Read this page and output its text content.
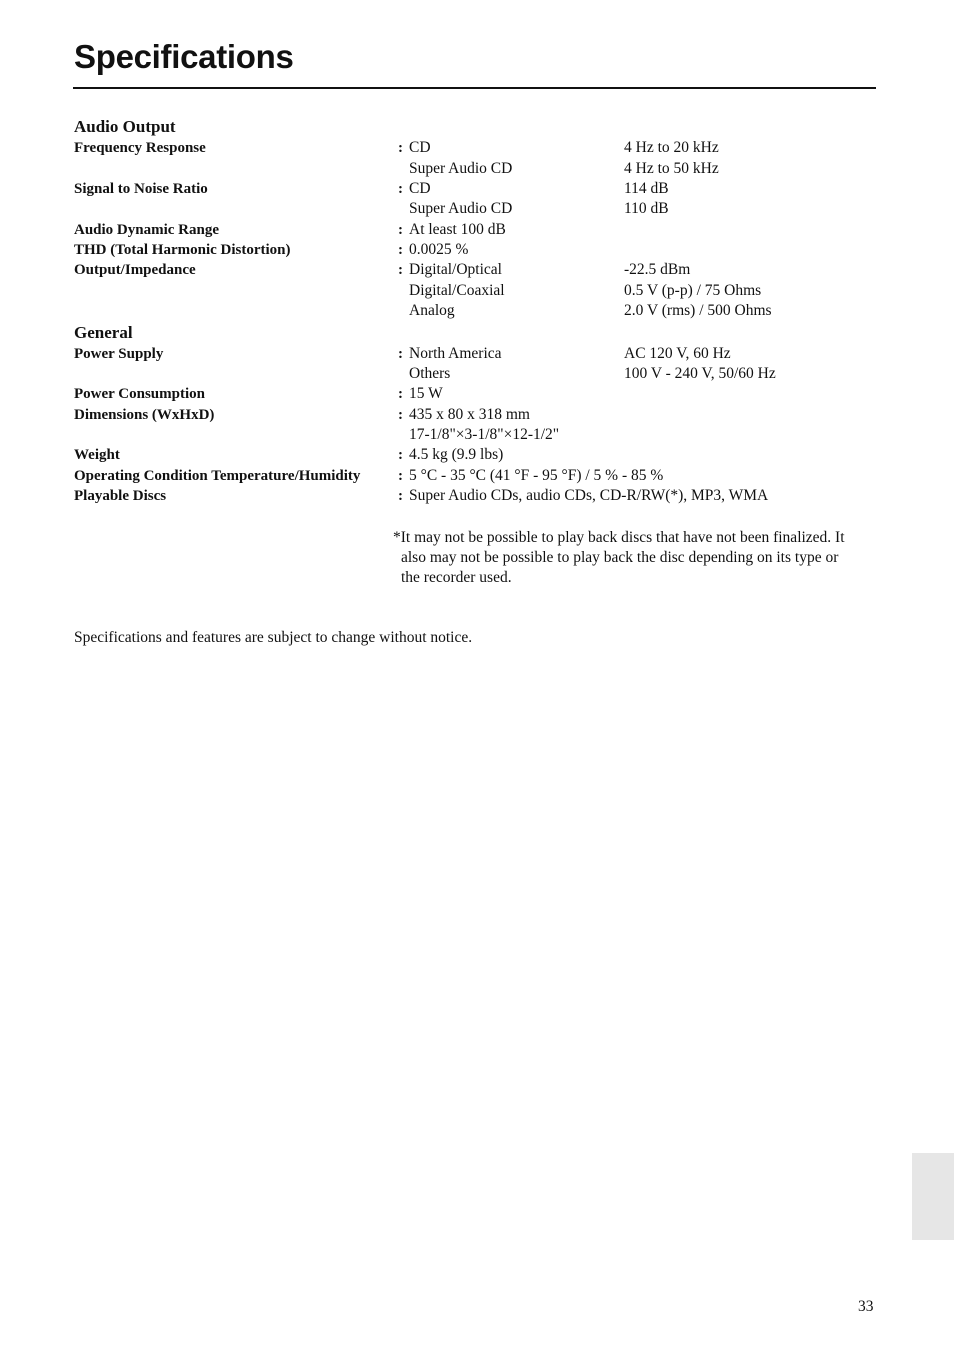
Specifications
Audio Output
Frequency Response	: CD	4 Hz to 20 kHz
Super Audio CD	4 Hz to 50 kHz
Signal to Noise Ratio	: CD	114 dB
Super Audio CD	110 dB
Audio Dynamic Range	: At least 100 dB
THD (Total Harmonic Distortion)	: 0.0025 %
Output/Impedance	: Digital/Optical	-22.5 dBm
Digital/Coaxial	0.5 V (p-p) / 75 Ohms
Analog	2.0 V (rms) / 500 Ohms
General
Power Supply	: North America	AC 120 V, 60 Hz
Others	100 V - 240 V, 50/60 Hz
Power Consumption	: 15 W
Dimensions (WxHxD)	: 435 x 80 x 318 mm
17-1/8"×3-1/8"×12-1/2"
Weight	: 4.5 kg (9.9 lbs)
Operating Condition Temperature/Humidity	: 5 °C - 35 °C (41 °F - 95 °F) / 5 % - 85 %
Playable Discs	: Super Audio CDs, audio CDs, CD-R/RW(*), MP3, WMA
*It may not be possible to play back discs that have not been finalized. It
also may not be possible to play back the disc depending on its type or
the recorder used.
Specifications and features are subject to change without notice.
33
